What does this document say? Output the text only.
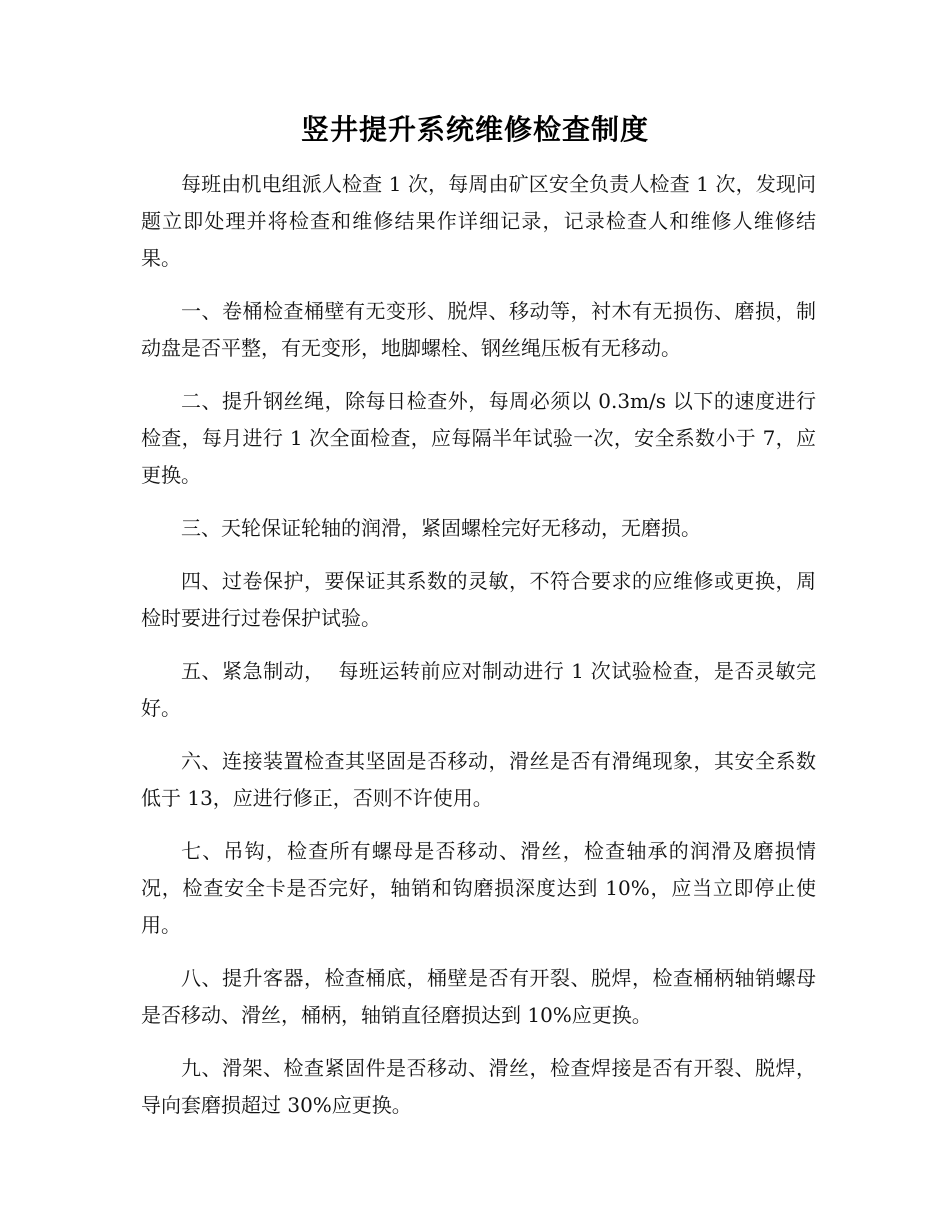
竖井提升系统维修检查制度

每班由机电组派人检查 1 次，每周由矿区安全负责人检查 1 次，发现问题立即处理并将检查和维修结果作详细记录，记录检查人和维修人维修结果。

一、卷桶检查桶壁有无变形、脱焊、移动等，衬木有无损伤、磨损，制动盘是否平整，有无变形，地脚螺栓、钢丝绳压板有无移动。

二、提升钢丝绳，除每日检查外，每周必须以 0.3m/s 以下的速度进行检查，每月进行 1 次全面检查，应每隔半年试验一次，安全系数小于 7，应更换。

三、天轮保证轮轴的润滑，紧固螺栓完好无移动，无磨损。

四、过卷保护，要保证其系数的灵敏，不符合要求的应维修或更换，周检时要进行过卷保护试验。

五、紧急制动，  每班运转前应对制动进行 1 次试验检查，是否灵敏完好。

六、连接装置检查其坚固是否移动，滑丝是否有滑绳现象，其安全系数低于 13，应进行修正，否则不许使用。

七、吊钩，检查所有螺母是否移动、滑丝，检查轴承的润滑及磨损情况，检查安全卡是否完好，轴销和钩磨损深度达到 10%，应当立即停止使用。

八、提升客器，检查桶底，桶壁是否有开裂、脱焊，检查桶柄轴销螺母是否移动、滑丝，桶柄，轴销直径磨损达到 10%应更换。

九、滑架、检查紧固件是否移动、滑丝，检查焊接是否有开裂、脱焊，导向套磨损超过 30%应更换。
